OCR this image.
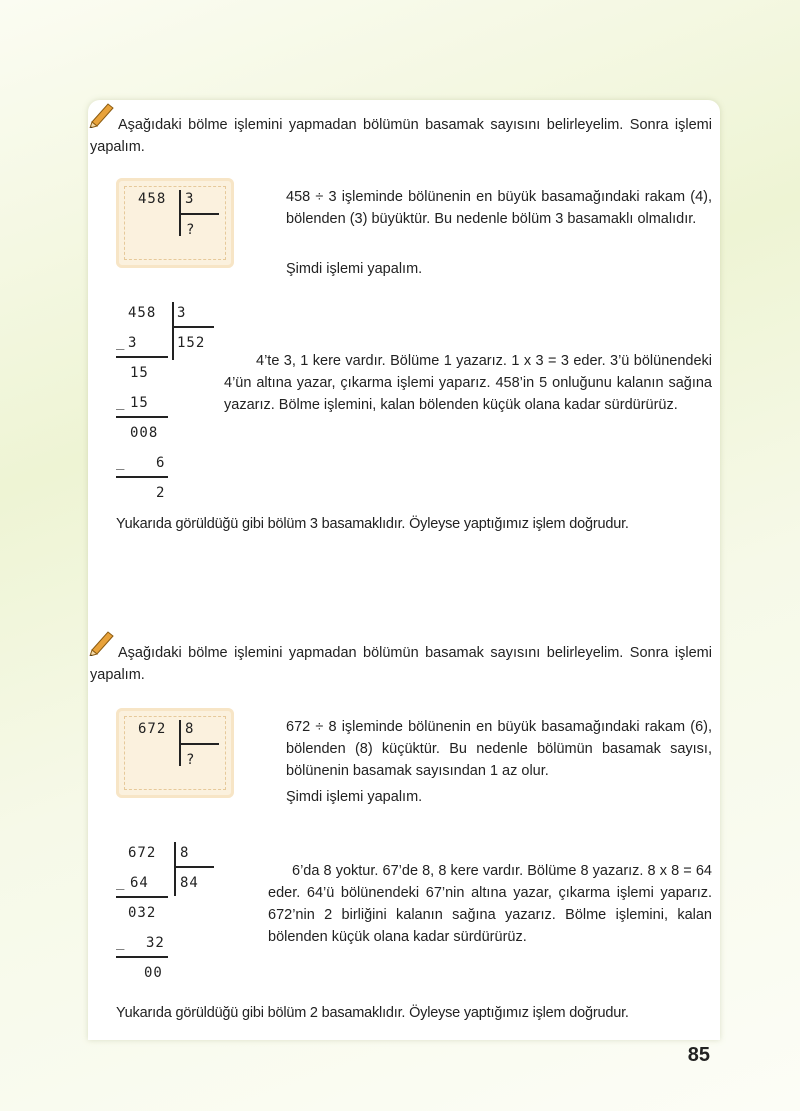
Aşağıdaki bölme işlemini yapmadan bölümün basamak sayısını belirleyelim. Sonra işlemi yapalım.
458 3
?
458 ÷ 3 işleminde bölünenin en büyük basamağındaki rakam (4), bölenden (3) büyüktür. Bu nedenle bölüm 3 basamaklı olmalıdır.
Şimdi işlemi yapalım.
458 3
152
_ 3
15
_ 15
008
_ 6
2
4’te 3, 1 kere vardır. Bölüme 1 yazarız. 1 x 3 = 3 eder. 3’ü bölünendeki 4’ün altına yazar, çıkarma işlemi yaparız. 458’in 5 onluğunu kalanın sağına yazarız. Bölme işlemini, kalan bölenden küçük olana kadar sürdürürüz.
Yukarıda görüldüğü gibi bölüm 3 basamaklıdır. Öyleyse yaptığımız işlem doğrudur.
Aşağıdaki bölme işlemini yapmadan bölümün basamak sayısını belirleyelim. Sonra işlemi yapalım.
672 8
?
672 ÷ 8 işleminde bölünenin en büyük basamağındaki rakam (6), bölenden (8) küçüktür. Bu nedenle bölümün basamak sayısı, bölünenin basamak sayısından 1 az olur.
Şimdi işlemi yapalım.
672 8
84
_ 64
032
_ 32
00
6’da 8 yoktur. 67’de 8, 8 kere vardır. Bölüme 8 yazarız. 8 x 8 = 64 eder. 64’ü bölünendeki 67’nin altına yazar, çıkarma işlemi yaparız. 672’nin 2 birliğini kalanın sağına yazarız. Bölme işlemini, kalan bölenden küçük olana kadar sürdürürüz.
Yukarıda görüldüğü gibi bölüm 2 basamaklıdır. Öyleyse yaptığımız işlem doğrudur.
85
